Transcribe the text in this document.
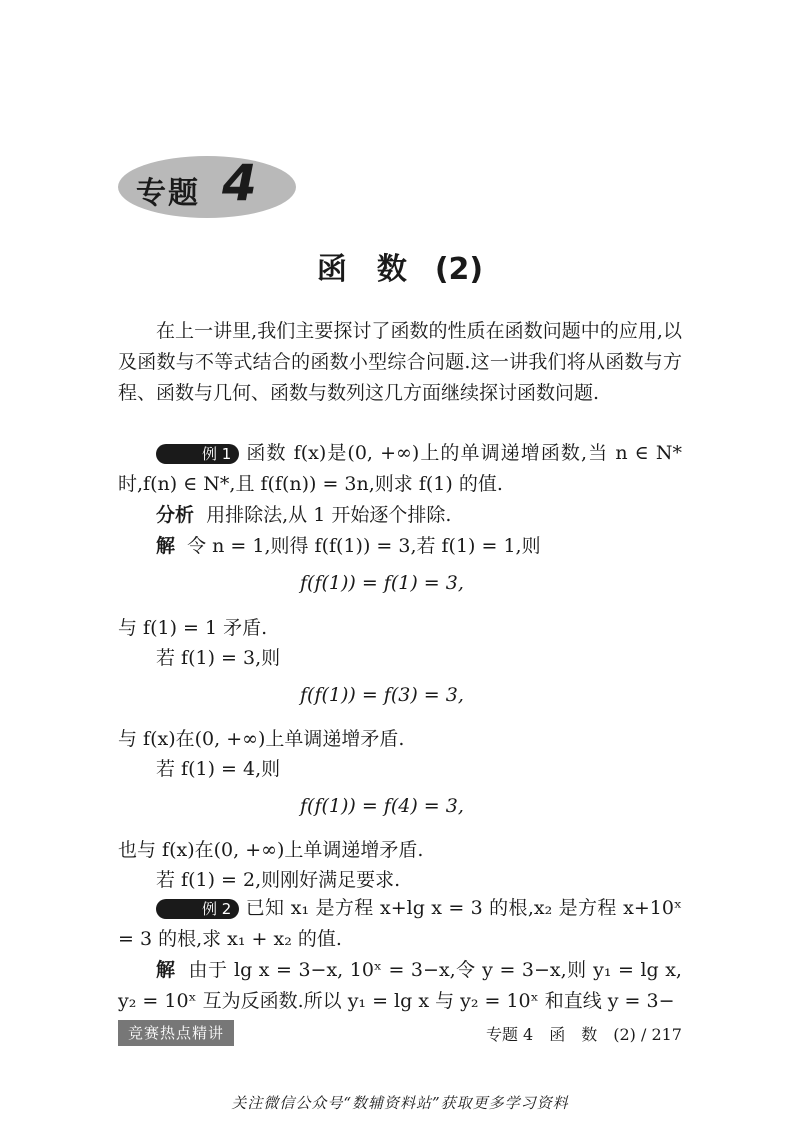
专题 4
函　数 (2)

在上一讲里,我们主要探讨了函数的性质在函数问题中的应用,以及函数与不等式结合的函数小型综合问题.这一讲我们将从函数与方程、函数与几何、函数与数列这几方面继续探讨函数问题.

例 1 函数 f(x)是(0, +∞)上的单调递增函数,当 n ∈ N* 时,f(n) ∈ N*,且 f(f(n)) = 3n,则求 f(1) 的值.

分析 用排除法,从 1 开始逐个排除.
解 令 n = 1,则得 f(f(1)) = 3,若 f(1) = 1,则
f(f(1)) = f(1) = 3,
与 f(1) = 1 矛盾.
若 f(1) = 3,则
f(f(1)) = f(3) = 3,
与 f(x)在(0, +∞)上单调递增矛盾.
若 f(1) = 4,则
f(f(1)) = f(4) = 3,
也与 f(x)在(0, +∞)上单调递增矛盾.
若 f(1) = 2,则刚好满足要求.

例 2 已知 x₁ 是方程 x+lg x = 3 的根,x₂ 是方程 x+10ˣ = 3 的根,求 x₁ + x₂ 的值.

解 由于 lg x = 3−x, 10ˣ = 3−x,令 y = 3−x,则 y₁ = lg x, y₂ = 10ˣ 互为反函数.所以 y₁ = lg x 与 y₂ = 10ˣ 和直线 y = 3−

竞赛热点精讲	专题 4　函　数　(2) / 217
关注微信公众号“数辅资料站”获取更多学习资料
